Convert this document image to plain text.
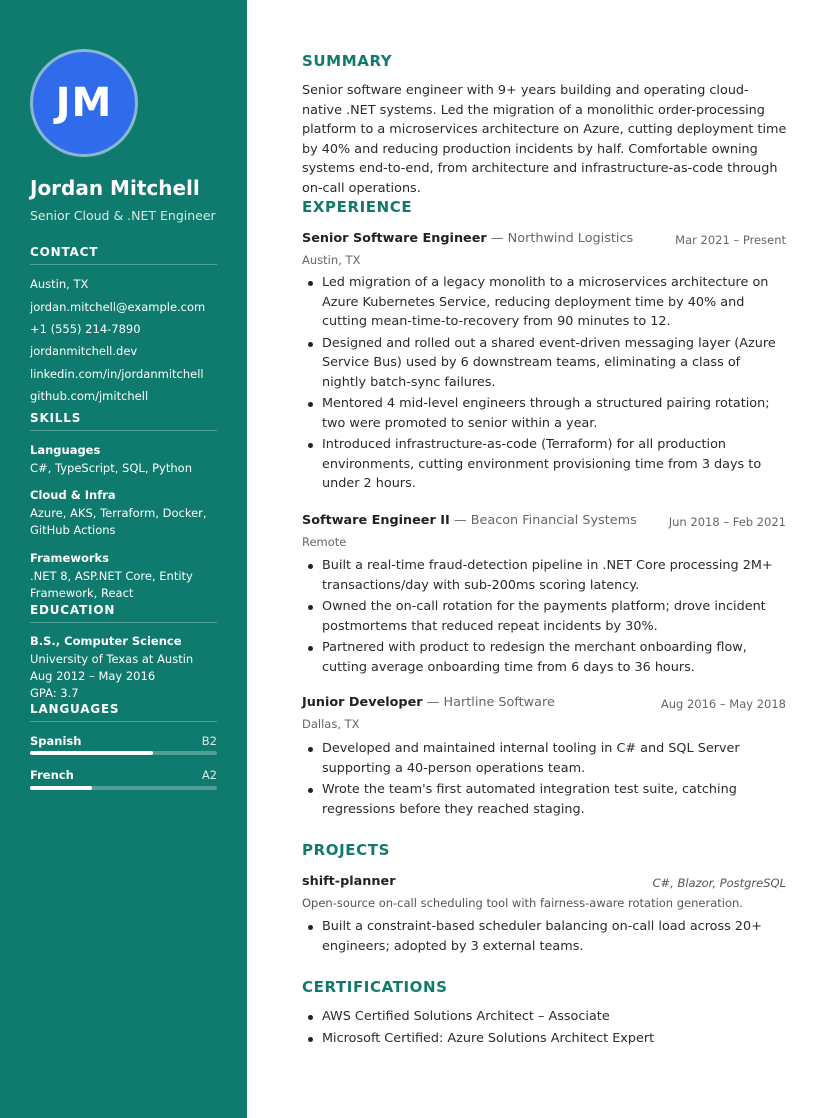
JM
Jordan Mitchell
Senior Cloud & .NET Engineer
CONTACT
Austin, TX
jordan.mitchell@example.com
+1 (555) 214-7890
jordanmitchell.dev
linkedin.com/in/jordanmitchell
github.com/jmitchell
SKILLS
Languages
C#, TypeScript, SQL, Python
Cloud & Infra
Azure, AKS, Terraform, Docker, GitHub Actions
Frameworks
.NET 8, ASP.NET Core, Entity Framework, React
EDUCATION
B.S., Computer Science
University of Texas at Austin
Aug 2012 – May 2016
GPA: 3.7
LANGUAGES
Spanish	B2
French	A2
SUMMARY
Senior software engineer with 9+ years building and operating cloud-native .NET systems. Led the migration of a monolithic order-processing platform to a microservices architecture on Azure, cutting deployment time by 40% and reducing production incidents by half. Comfortable owning systems end-to-end, from architecture and infrastructure-as-code through on-call operations.
EXPERIENCE
Senior Software Engineer — Northwind Logistics	Mar 2021 – Present
Austin, TX
Led migration of a legacy monolith to a microservices architecture on Azure Kubernetes Service, reducing deployment time by 40% and cutting mean-time-to-recovery from 90 minutes to 12.
Designed and rolled out a shared event-driven messaging layer (Azure Service Bus) used by 6 downstream teams, eliminating a class of nightly batch-sync failures.
Mentored 4 mid-level engineers through a structured pairing rotation; two were promoted to senior within a year.
Introduced infrastructure-as-code (Terraform) for all production environments, cutting environment provisioning time from 3 days to under 2 hours.
Software Engineer II — Beacon Financial Systems	Jun 2018 – Feb 2021
Remote
Built a real-time fraud-detection pipeline in .NET Core processing 2M+ transactions/day with sub-200ms scoring latency.
Owned the on-call rotation for the payments platform; drove incident postmortems that reduced repeat incidents by 30%.
Partnered with product to redesign the merchant onboarding flow, cutting average onboarding time from 6 days to 36 hours.
Junior Developer — Hartline Software	Aug 2016 – May 2018
Dallas, TX
Developed and maintained internal tooling in C# and SQL Server supporting a 40-person operations team.
Wrote the team's first automated integration test suite, catching regressions before they reached staging.
PROJECTS
shift-planner	C#, Blazor, PostgreSQL
Open-source on-call scheduling tool with fairness-aware rotation generation.
Built a constraint-based scheduler balancing on-call load across 20+ engineers; adopted by 3 external teams.
CERTIFICATIONS
AWS Certified Solutions Architect – Associate
Microsoft Certified: Azure Solutions Architect Expert
